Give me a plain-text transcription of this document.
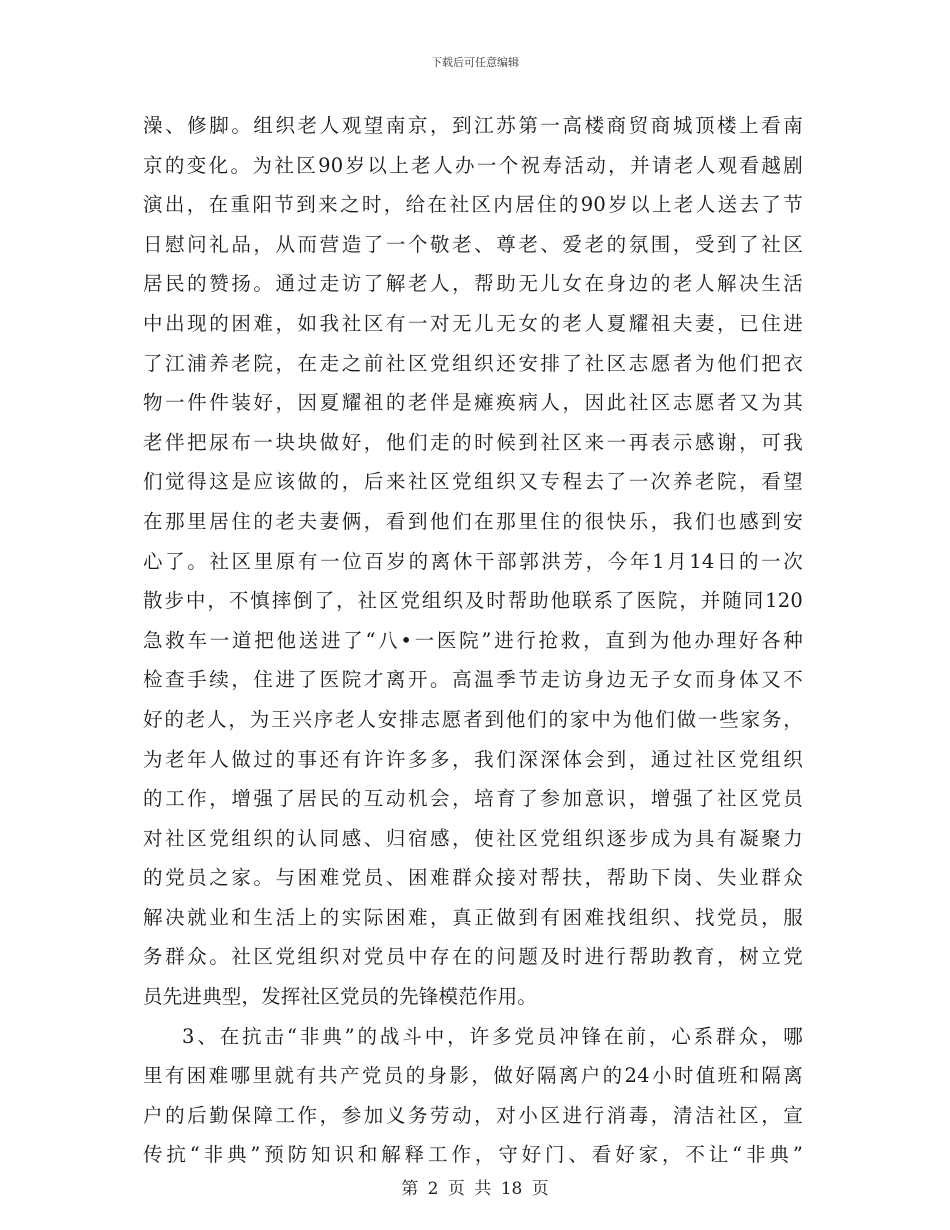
下载后可任意编辑
澡、修脚。组织老人观望南京，到江苏第一高楼商贸商城顶楼上看南
京的变化。为社区90岁以上老人办一个祝寿活动，并请老人观看越剧
演出，在重阳节到来之时，给在社区内居住的90岁以上老人送去了节
日慰问礼品，从而营造了一个敬老、尊老、爱老的氛围，受到了社区
居民的赞扬。通过走访了解老人，帮助无儿女在身边的老人解决生活
中出现的困难，如我社区有一对无儿无女的老人夏耀祖夫妻，已住进
了江浦养老院，在走之前社区党组织还安排了社区志愿者为他们把衣
物一件件装好，因夏耀祖的老伴是瘫痪病人，因此社区志愿者又为其
老伴把尿布一块块做好，他们走的时候到社区来一再表示感谢，可我
们觉得这是应该做的，后来社区党组织又专程去了一次养老院，看望
在那里居住的老夫妻俩，看到他们在那里住的很快乐，我们也感到安
心了。社区里原有一位百岁的离休干部郭洪芳，今年1月14日的一次
散步中，不慎摔倒了，社区党组织及时帮助他联系了医院，并随同120
急救车一道把他送进了“八•一医院”进行抢救，直到为他办理好各种
检查手续，住进了医院才离开。高温季节走访身边无子女而身体又不
好的老人，为王兴序老人安排志愿者到他们的家中为他们做一些家务，
为老年人做过的事还有许许多多，我们深深体会到，通过社区党组织
的工作，增强了居民的互动机会，培育了参加意识，增强了社区党员
对社区党组织的认同感、归宿感，使社区党组织逐步成为具有凝聚力
的党员之家。与困难党员、困难群众接对帮扶，帮助下岗、失业群众
解决就业和生活上的实际困难，真正做到有困难找组织、找党员，服
务群众。社区党组织对党员中存在的问题及时进行帮助教育，树立党
员先进典型，发挥社区党员的先锋模范作用。
3、在抗击“非典”的战斗中，许多党员冲锋在前，心系群众，哪
里有困难哪里就有共产党员的身影，做好隔离户的24小时值班和隔离
户的后勤保障工作，参加义务劳动，对小区进行消毒，清洁社区，宣
传抗“非典”预防知识和解释工作，守好门、看好家，不让“非典”
第 2 页 共 18 页
